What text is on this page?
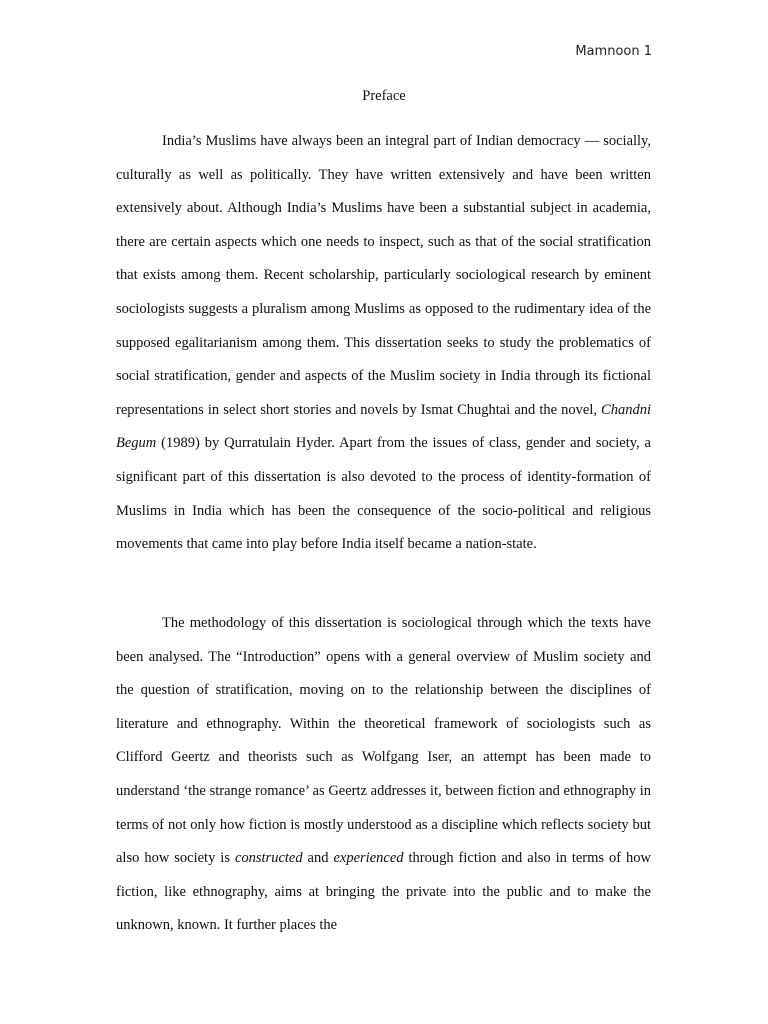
Mamnoon 1
Preface

India’s Muslims have always been an integral part of Indian democracy — socially, culturally as well as politically. They have written extensively and have been written extensively about. Although India’s Muslims have been a substantial subject in academia, there are certain aspects which one needs to inspect, such as that of the social stratification that exists among them. Recent scholarship, particularly sociological research by eminent sociologists suggests a pluralism among Muslims as opposed to the rudimentary idea of the supposed egalitarianism among them. This dissertation seeks to study the problematics of social stratification, gender and aspects of the Muslim society in India through its fictional representations in select short stories and novels by Ismat Chughtai and the novel, Chandni Begum (1989) by Qurratulain Hyder. Apart from the issues of class, gender and society, a significant part of this dissertation is also devoted to the process of identity-formation of Muslims in India which has been the consequence of the socio-political and religious movements that came into play before India itself became a nation-state.

The methodology of this dissertation is sociological through which the texts have been analysed. The “Introduction” opens with a general overview of Muslim society and the question of stratification, moving on to the relationship between the disciplines of literature and ethnography. Within the theoretical framework of sociologists such as Clifford Geertz and theorists such as Wolfgang Iser, an attempt has been made to understand ‘the strange romance’ as Geertz addresses it, between fiction and ethnography in terms of not only how fiction is mostly understood as a discipline which reflects society but also how society is constructed and experienced through fiction and also in terms of how fiction, like ethnography, aims at bringing the private into the public and to make the unknown, known. It further places the
